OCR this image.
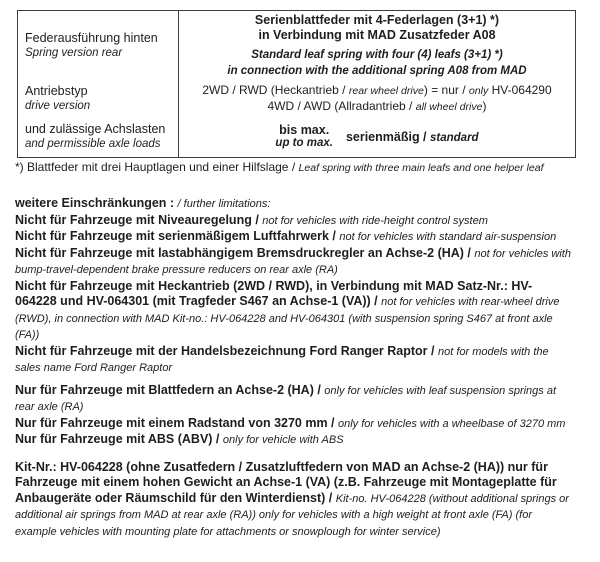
Federausführung hinten
Spring version rear
Serienblattfeder mit 4-Federlagen (3+1) *)
in Verbindung mit MAD Zusatzfeder A08
Standard leaf spring with four (4) leafs (3+1) *)
in connection with the additional spring A08 from MAD
Antriebstyp
drive version
2WD / RWD (Heckantrieb / rear wheel drive) = nur / only HV-064290
4WD / AWD (Allradantrieb / all wheel drive)
und zulässige Achslasten
and permissible axle loads
bis max.
up to max. serienmäßig / standard

*) Blattfeder mit drei Hauptlagen und einer Hilfslage / Leaf spring with three main leafs and one helper leaf

weitere Einschränkungen : / further limitations:

Nicht für Fahrzeuge mit Niveauregelung / not for vehicles with ride-height control system

Nicht für Fahrzeuge mit serienmäßigem Luftfahrwerk / not for vehicles with standard air-suspension

Nicht für Fahrzeuge mit lastabhängigem Bremsdruckregler an Achse-2 (HA) / not for vehicles with bump-travel-dependent brake pressure reducers on rear axle (RA)

Nicht für Fahrzeuge mit Heckantrieb (2WD / RWD), in Verbindung mit MAD Satz-Nr.: HV-064228 und HV-064301 (mit Tragfeder S467 an Achse-1 (VA)) / not for vehicles with rear-wheel drive (RWD), in connection with MAD Kit-no.: HV-064228 and HV-064301 (with suspension spring S467 at front axle (FA))

Nicht für Fahrzeuge mit der Handelsbezeichnung Ford Ranger Raptor / not for models with the sales name Ford Ranger Raptor

Nur für Fahrzeuge mit Blattfedern an Achse-2 (HA) / only for vehicles with leaf suspension springs at rear axle (RA)

Nur für Fahrzeuge mit einem Radstand von 3270 mm / only for vehicles with a wheelbase of 3270 mm

Nur für Fahrzeuge mit ABS (ABV) / only for vehicle with ABS

Kit-Nr.: HV-064228 (ohne Zusatfedern / Zusatzluftfedern von MAD an Achse-2 (HA)) nur für Fahrzeuge mit einem hohen Gewicht an Achse-1 (VA) (z.B. Fahrzeuge mit Montageplatte für Anbaugeräte oder Räumschild für den Winterdienst) / Kit-no. HV-064228 (without additional springs or additional air springs from MAD at rear axle (RA)) only for vehicles with a high weight at front axle (FA) (for example vehicles with mounting plate for attachments or snowplough for winter service)
